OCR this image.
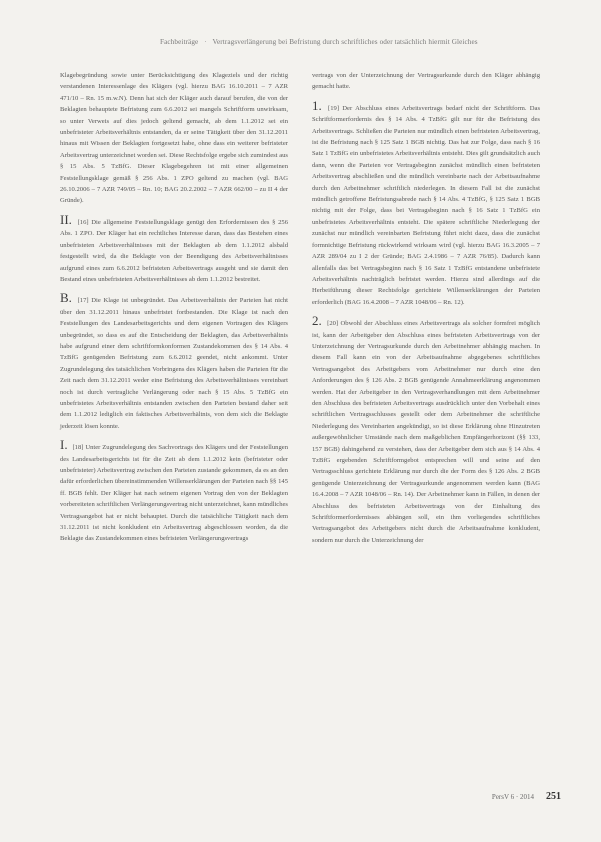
Fachbeiträge · Vertragsverlängerung bei Befristung durch schriftliches oder tatsächlich hiermit Gleiches

Klagebegründung sowie unter Berücksichtigung des Klageziels und der richtig verstandenen Interessenlage des Klägers (vgl. hierzu BAG 16.10.2011 – 7 AZR 471/10 – Rn. 15 m.w.N). Denn hat sich der Kläger auch darauf berufen, die von der Beklagten behauptete Befristung zum 6.6.2012 sei mangels Schriftform unwirksam, so unter Verweis auf dies jedoch geltend gemacht, ab dem 1.1.2012 sei ein unbefristeter Arbeitsverhältnis entstanden, da er seine Tätigkeit über den 31.12.2011 hinaus mit Wissen der Beklagten fortgesetzt habe, ohne dass ein weiterer befristeter Arbeitsvertrag unterzeichnet worden sei. Diese Rechtsfolge ergebe sich zumindest aus § 15 Abs. 5 TzBfG. Dieser Klagebegehren ist mit einer allgemeinen Feststellungsklage gemäß § 256 Abs. 1 ZPO geltend zu machen (vgl. BAG 26.10.2006 – 7 AZR 749/05 – Rn. 10; BAG 20.2.2002 – 7 AZR 662/00 – zu II 4 der Gründe).

II. [16] Die allgemeine Feststellungsklage genügt den Erfordernissen des § 256 Abs. 1 ZPO. Der Kläger hat ein rechtliches Interesse daran, dass das Bestehen eines unbefristeten Arbeitsverhältnisses mit der Beklagten ab dem 1.1.2012 alsbald festgestellt wird, da die Beklagte von der Beendigung des Arbeitsverhältnisses aufgrund eines zum 6.6.2012 befristeten Arbeitsvertrags ausgeht und sie damit den Bestand eines unbefristeten Arbeitsverhältnisses ab dem 1.1.2012 bestreitet.

B. [17] Die Klage ist unbegründet. Das Arbeitsverhältnis der Parteien hat nicht über den 31.12.2011 hinaus unbefristet fortbestanden. Die Klage ist nach den Feststellungen des Landesarbeitsgerichts und dem eigenen Vortragen des Klägers unbegründet, so dass es auf die Entscheidung der Beklagten, das Arbeitsverhältnis habe aufgrund einer dem schriftformkonformen Zustandekommen des § 14 Abs. 4 TzBfG genügenden Befristung zum 6.6.2012 geendet, nicht ankommt. Unter Zugrundelegung des tatsächlichen Vorbringens des Klägers haben die Parteien für die Zeit nach dem 31.12.2011 weder eine Befristung des Arbeitsverhältnisses vereinbart noch ist durch vertragliche Verlängerung oder nach § 15 Abs. 5 TzBfG ein unbefristetes Arbeitsverhältnis entstanden zwischen den Parteien bestand daher seit dem 1.1.2012 lediglich ein faktisches Arbeitsverhältnis, von dem sich die Beklagte jederzeit lösen konnte.

I. [18] Unter Zugrundelegung des Sachvortrags des Klägers und der Feststellungen des Landesarbeitsgerichts ist für die Zeit ab dem 1.1.2012 kein (befristeter oder unbefristeter) Arbeitsvertrag zwischen den Parteien zustande gekommen, da es an den dafür erforderlichen übereinstimmenden Willenserklärungen der Parteien nach §§ 145 ff. BGB fehlt. Der Kläger hat nach seinem eigenen Vortrag den von der Beklagten vorbereiteten schriftlichen Verlängerungsvertrag nicht unterzeichnet, kann mündliches Vertragsangebot hat er nicht behauptet. Durch die tatsächliche Tätigkeit nach dem 31.12.2011 ist nicht konkludent ein Arbeitsvertrag abgeschlossen worden, da die Beklagte das Zustandekommen eines befristeten Verlängerungsvertrags

vertrags von der Unterzeichnung der Vertragsurkunde durch den Kläger abhängig gemacht hatte.

1. [19] Der Abschluss eines Arbeitsvertrags bedarf nicht der Schriftform. Das Schriftformerfordernis des § 14 Abs. 4 TzBfG gilt nur für die Befristung des Arbeitsvertrags. Schließen die Parteien nur mündlich einen befristeten Arbeitsvertrag, ist die Befristung nach § 125 Satz 1 BGB nichtig. Das hat zur Folge, dass nach § 16 Satz 1 TzBfG ein unbefristetes Arbeitsverhältnis entsteht. Dies gilt grundsätzlich auch dann, wenn die Parteien vor Vertragsbeginn zunächst mündlich einen befristeten Arbeitsvertrag abschließen und die mündlich vereinbarte nach der Arbeitsaufnahme durch den Arbeitnehmer schriftlich niederlegen. In diesem Fall ist die zunächst mündlich getroffene Befristungsabrede nach § 14 Abs. 4 TzBfG, § 125 Satz 1 BGB nichtig mit der Folge, dass bei Vertragsbeginn nach § 16 Satz 1 TzBfG ein unbefristetes Arbeitsverhältnis entsteht. Die spätere schriftliche Niederlegung der zunächst nur mündlich vereinbarten Befristung führt nicht dazu, dass die zunächst formnichtige Befristung rückwirkend wirksam wird (vgl. hierzu BAG 16.3.2005 – 7 AZR 289/04 zu I 2 der Gründe; BAG 2.4.1986 – 7 AZR 76/85). Dadurch kann allenfalls das bei Vertragsbeginn nach § 16 Satz 1 TzBfG entstandene unbefristete Arbeitsverhältnis nachträglich befristet werden. Hierzu sind allerdings auf die Herbeiführung dieser Rechtsfolge gerichtete Willenserklärungen der Parteien erforderlich (BAG 16.4.2008 – 7 AZR 1048/06 – Rn. 12).

2. [20] Obwohl der Abschluss eines Arbeitsvertrags als solcher formfrei möglich ist, kann der Arbeitgeber den Abschluss eines befristeten Arbeitsvertrags von der Unterzeichnung der Vertragsurkunde durch den Arbeitnehmer abhängig machen. In diesem Fall kann ein von der Arbeitsaufnahme abgegebenes schriftliches Vertragsangebot des Arbeitgebers vom Arbeitnehmer nur durch eine den Anforderungen des § 126 Abs. 2 BGB genügende Annahmeerklärung angenommen werden. Hat der Arbeitgeber in den Vertragsverhandlungen mit dem Arbeitnehmer den Abschluss des befristeten Arbeitsvertrags ausdrücklich unter den Vorbehalt eines schriftlichen Vertragsschlusses gestellt oder dem Arbeitnehmer die schriftliche Niederlegung des Vereinbarten angekündigt, so ist diese Erklärung ohne Hinzutreten außergewöhnlicher Umstände nach dem maßgeblichen Empfängerhorizont (§§ 133, 157 BGB) dahingehend zu verstehen, dass der Arbeitgeber dem sich aus § 14 Abs. 4 TzBfG ergebenden Schriftformgebot entsprechen will und seine auf den Vertragsschluss gerichtete Erklärung nur durch die der Form des § 126 Abs. 2 BGB genügende Unterzeichnung der Vertragsurkunde angenommen werden kann (BAG 16.4.2008 – 7 AZR 1048/06 – Rn. 14). Der Arbeitnehmer kann in Fällen, in denen der Abschluss des befristeten Arbeitsvertrags von der Einhaltung des Schriftformerfordernisses abhängen soll, ein ihm vorliegendes schriftliches Vertragsangebot des Arbeitgebers nicht durch die Arbeitsaufnahme konkludent, sondern nur durch die Unterzeichnung der

PersV 6 · 2014 251
